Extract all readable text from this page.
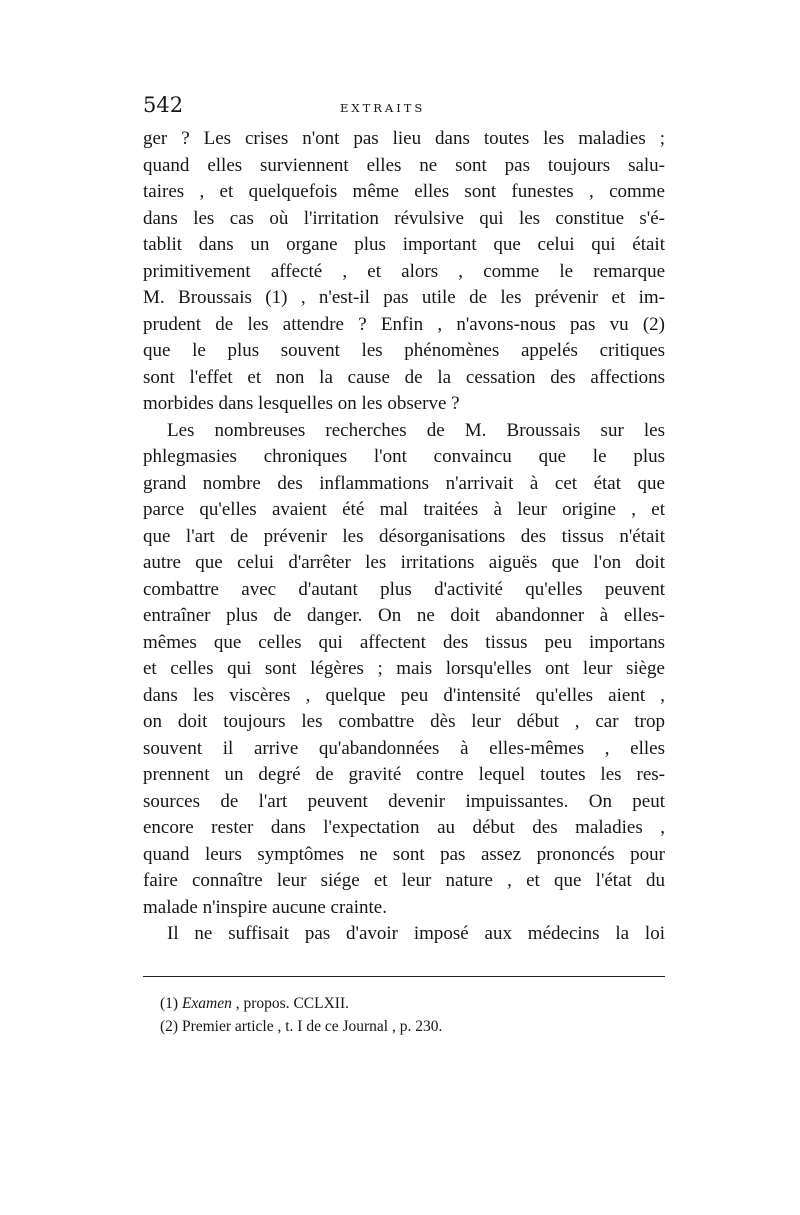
542	EXTRAITS
ger ? Les crises n'ont pas lieu dans toutes les maladies ;
quand elles surviennent elles ne sont pas toujours salu-
taires , et quelquefois même elles sont funestes , comme
dans les cas où l'irritation révulsive qui les constitue s'é-
tablit dans un organe plus important que celui qui était
primitivement affecté , et alors , comme le remarque
M. Broussais (1) , n'est-il pas utile de les prévenir et im-
prudent de les attendre ? Enfin , n'avons-nous pas vu (2)
que le plus souvent les phénomènes appelés critiques
sont l'effet et non la cause de la cessation des affections
morbides dans lesquelles on les observe ?
Les nombreuses recherches de M. Broussais sur les
phlegmasies chroniques l'ont convaincu que le plus
grand nombre des inflammations n'arrivait à cet état que
parce qu'elles avaient été mal traitées à leur origine , et
que l'art de prévenir les désorganisations des tissus n'était
autre que celui d'arrêter les irritations aiguës que l'on doit
combattre avec d'autant plus d'activité qu'elles peuvent
entraîner plus de danger. On ne doit abandonner à elles-
mêmes que celles qui affectent des tissus peu importans
et celles qui sont légères ; mais lorsqu'elles ont leur siège
dans les viscères , quelque peu d'intensité qu'elles aient ,
on doit toujours les combattre dès leur début , car trop
souvent il arrive qu'abandonnées à elles-mêmes , elles
prennent un degré de gravité contre lequel toutes les res-
sources de l'art peuvent devenir impuissantes. On peut
encore rester dans l'expectation au début des maladies ,
quand leurs symptômes ne sont pas assez prononcés pour
faire connaître leur siége et leur nature , et que l'état du
malade n'inspire aucune crainte.
Il ne suffisait pas d'avoir imposé aux médecins la loi
(1) Examen , propos. CCLXII.
(2) Premier article , t. I de ce Journal , p. 230.
